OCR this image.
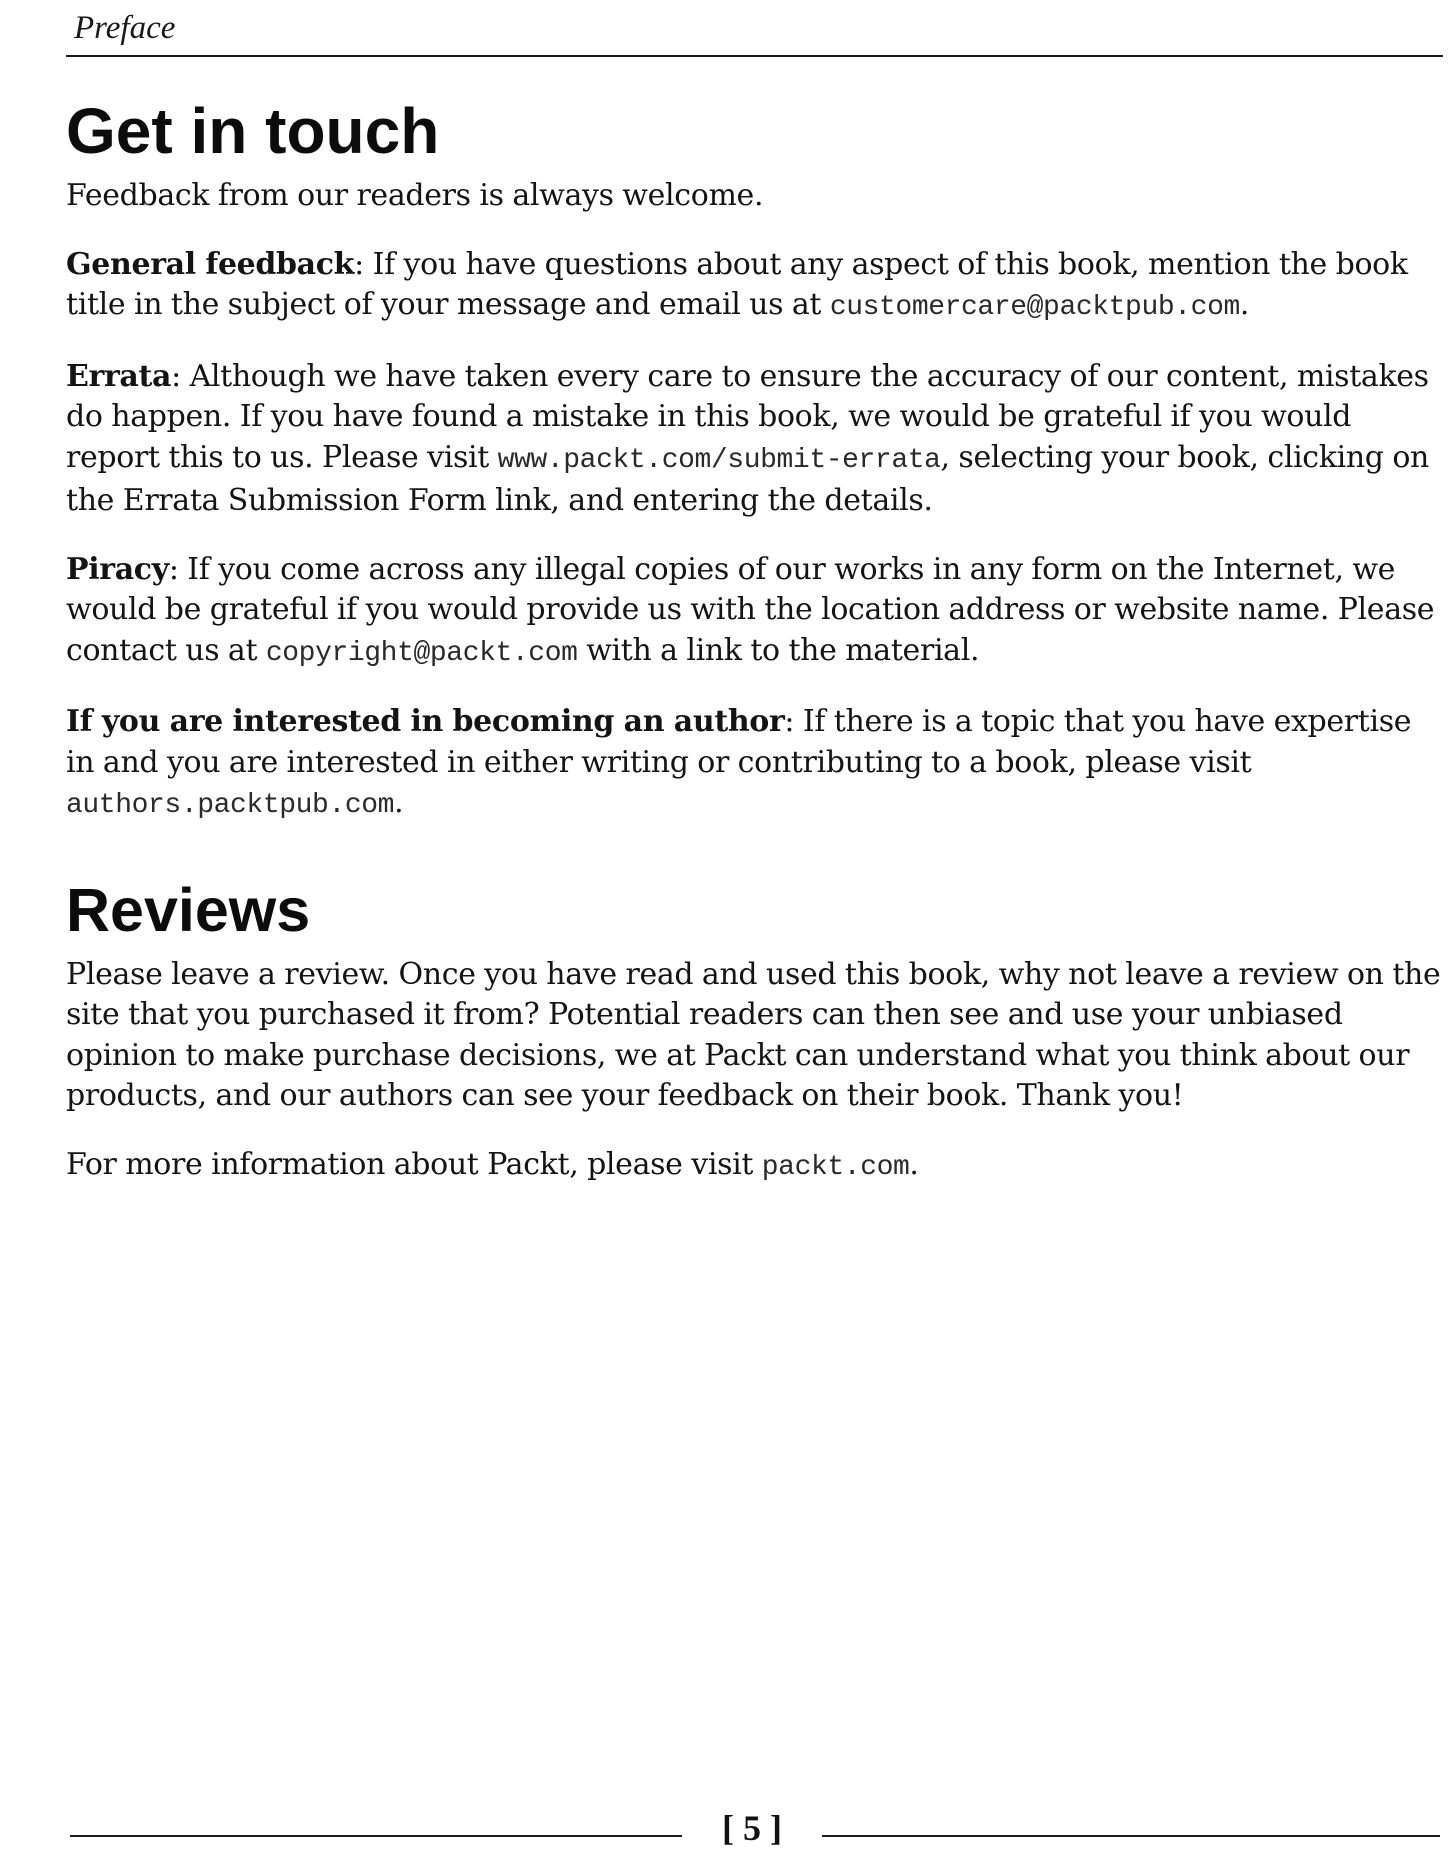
Preface
Get in touch

Feedback from our readers is always welcome.

General feedback: If you have questions about any aspect of this book, mention the book title in the subject of your message and email us at customercare@packtpub.com.

Errata: Although we have taken every care to ensure the accuracy of our content, mistakes do happen. If you have found a mistake in this book, we would be grateful if you would report this to us. Please visit www.packt.com/submit-errata, selecting your book, clicking on the Errata Submission Form link, and entering the details.

Piracy: If you come across any illegal copies of our works in any form on the Internet, we would be grateful if you would provide us with the location address or website name. Please contact us at copyright@packt.com with a link to the material.

If you are interested in becoming an author: If there is a topic that you have expertise in and you are interested in either writing or contributing to a book, please visit authors.packtpub.com.

Reviews

Please leave a review. Once you have read and used this book, why not leave a review on the site that you purchased it from? Potential readers can then see and use your unbiased opinion to make purchase decisions, we at Packt can understand what you think about our products, and our authors can see your feedback on their book. Thank you!

For more information about Packt, please visit packt.com.

[ 5 ]
